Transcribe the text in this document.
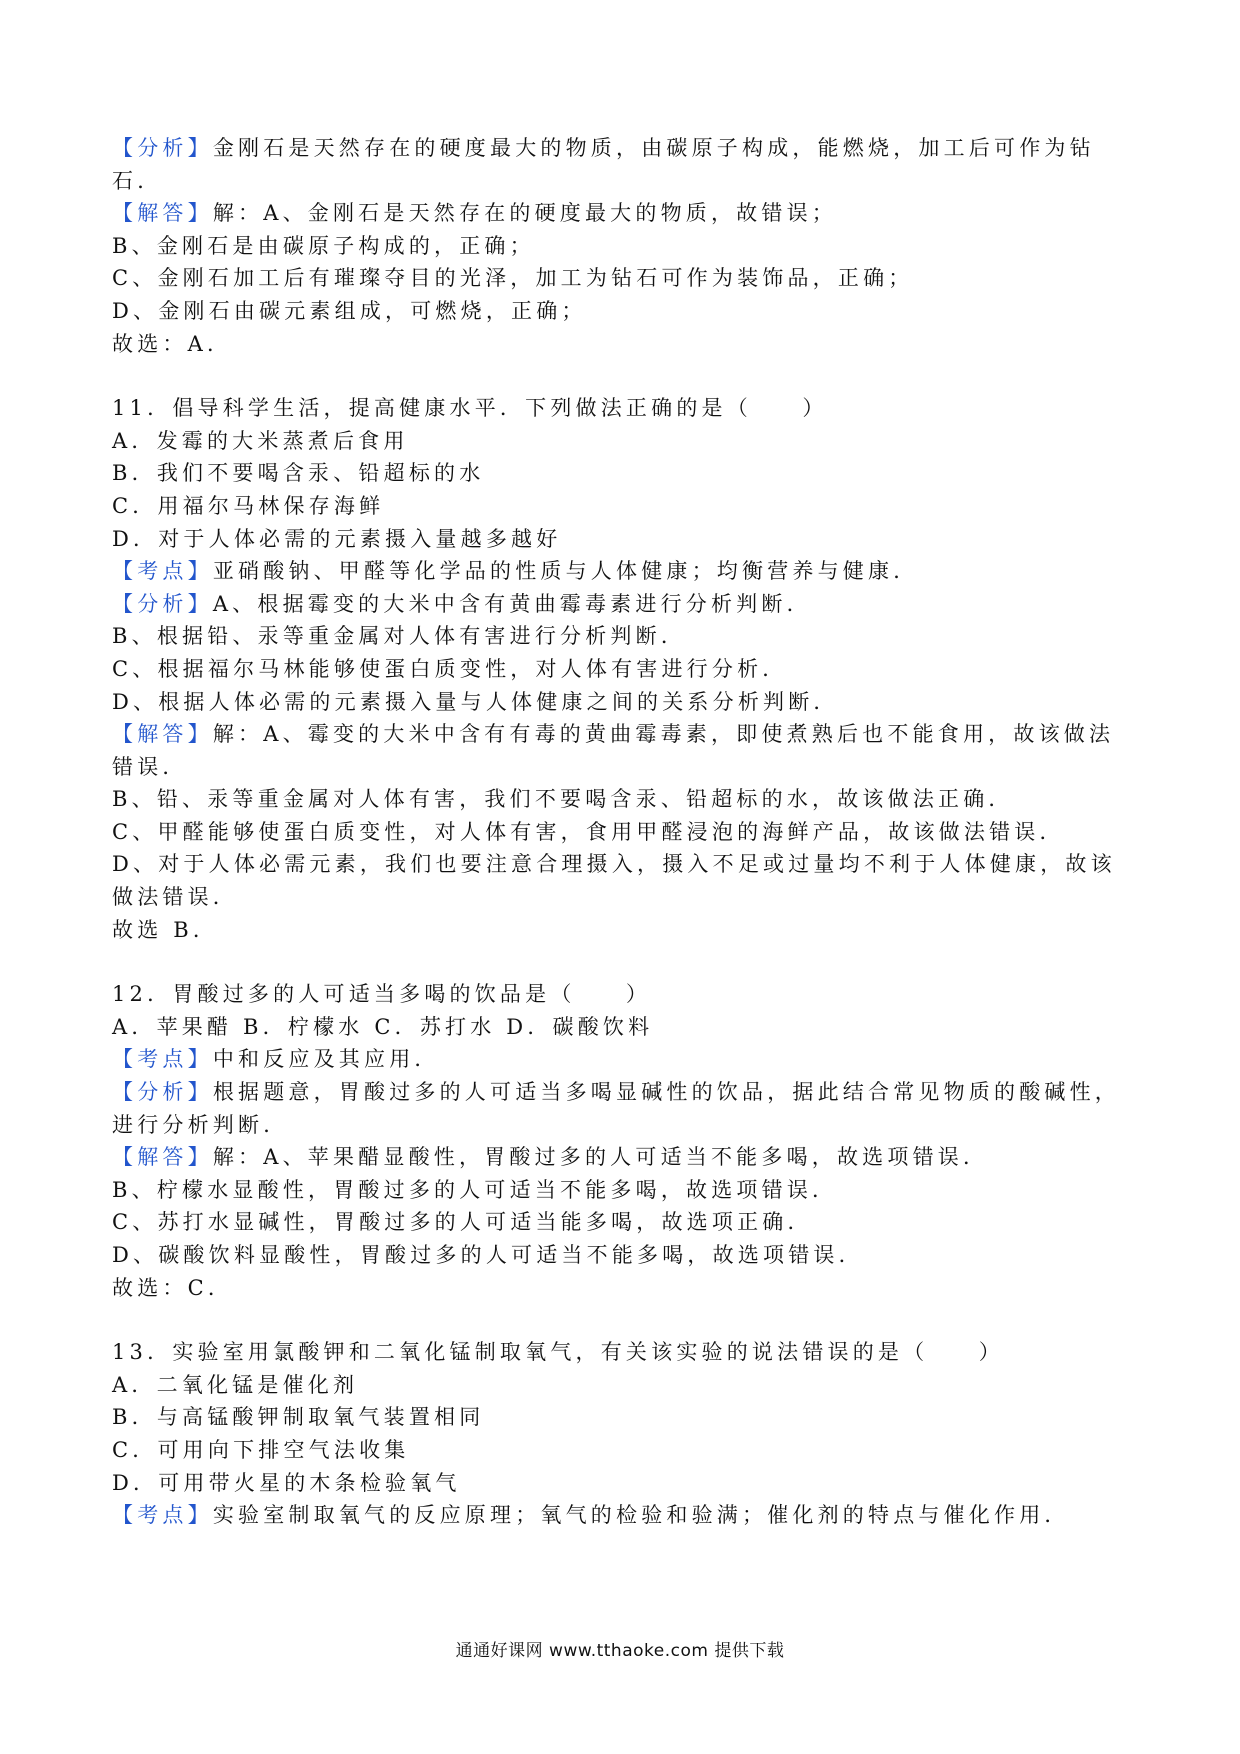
【分析】金刚石是天然存在的硬度最大的物质，由碳原子构成，能燃烧，加工后可作为钻
石．
【解答】解：A、金刚石是天然存在的硬度最大的物质，故错误；
B、金刚石是由碳原子构成的，正确；
C、金刚石加工后有璀璨夺目的光泽，加工为钻石可作为装饰品，正确；
D、金刚石由碳元素组成，可燃烧，正确；
故选：A．
11．倡导科学生活，提高健康水平．下列做法正确的是（　　）
A．发霉的大米蒸煮后食用
B．我们不要喝含汞、铅超标的水
C．用福尔马林保存海鲜
D．对于人体必需的元素摄入量越多越好
【考点】亚硝酸钠、甲醛等化学品的性质与人体健康；均衡营养与健康．
【分析】A、根据霉变的大米中含有黄曲霉毒素进行分析判断．
B、根据铅、汞等重金属对人体有害进行分析判断．
C、根据福尔马林能够使蛋白质变性，对人体有害进行分析．
D、根据人体必需的元素摄入量与人体健康之间的关系分析判断．
【解答】解：A、霉变的大米中含有有毒的黄曲霉毒素，即使煮熟后也不能食用，故该做法
错误．
B、铅、汞等重金属对人体有害，我们不要喝含汞、铅超标的水，故该做法正确．
C、甲醛能够使蛋白质变性，对人体有害，食用甲醛浸泡的海鲜产品，故该做法错误．
D、对于人体必需元素，我们也要注意合理摄入，摄入不足或过量均不利于人体健康，故该
做法错误．
故选 B．
12．胃酸过多的人可适当多喝的饮品是（　　）
A．苹果醋 B．柠檬水 C．苏打水 D．碳酸饮料
【考点】中和反应及其应用．
【分析】根据题意，胃酸过多的人可适当多喝显碱性的饮品，据此结合常见物质的酸碱性，
进行分析判断．
【解答】解：A、苹果醋显酸性，胃酸过多的人可适当不能多喝，故选项错误．
B、柠檬水显酸性，胃酸过多的人可适当不能多喝，故选项错误．
C、苏打水显碱性，胃酸过多的人可适当能多喝，故选项正确．
D、碳酸饮料显酸性，胃酸过多的人可适当不能多喝，故选项错误．
故选：C．
13．实验室用氯酸钾和二氧化锰制取氧气，有关该实验的说法错误的是（　　）
A．二氧化锰是催化剂
B．与高锰酸钾制取氧气装置相同
C．可用向下排空气法收集
D．可用带火星的木条检验氧气
【考点】实验室制取氧气的反应原理；氧气的检验和验满；催化剂的特点与催化作用．
通通好课网 www.tthaoke.com 提供下载
